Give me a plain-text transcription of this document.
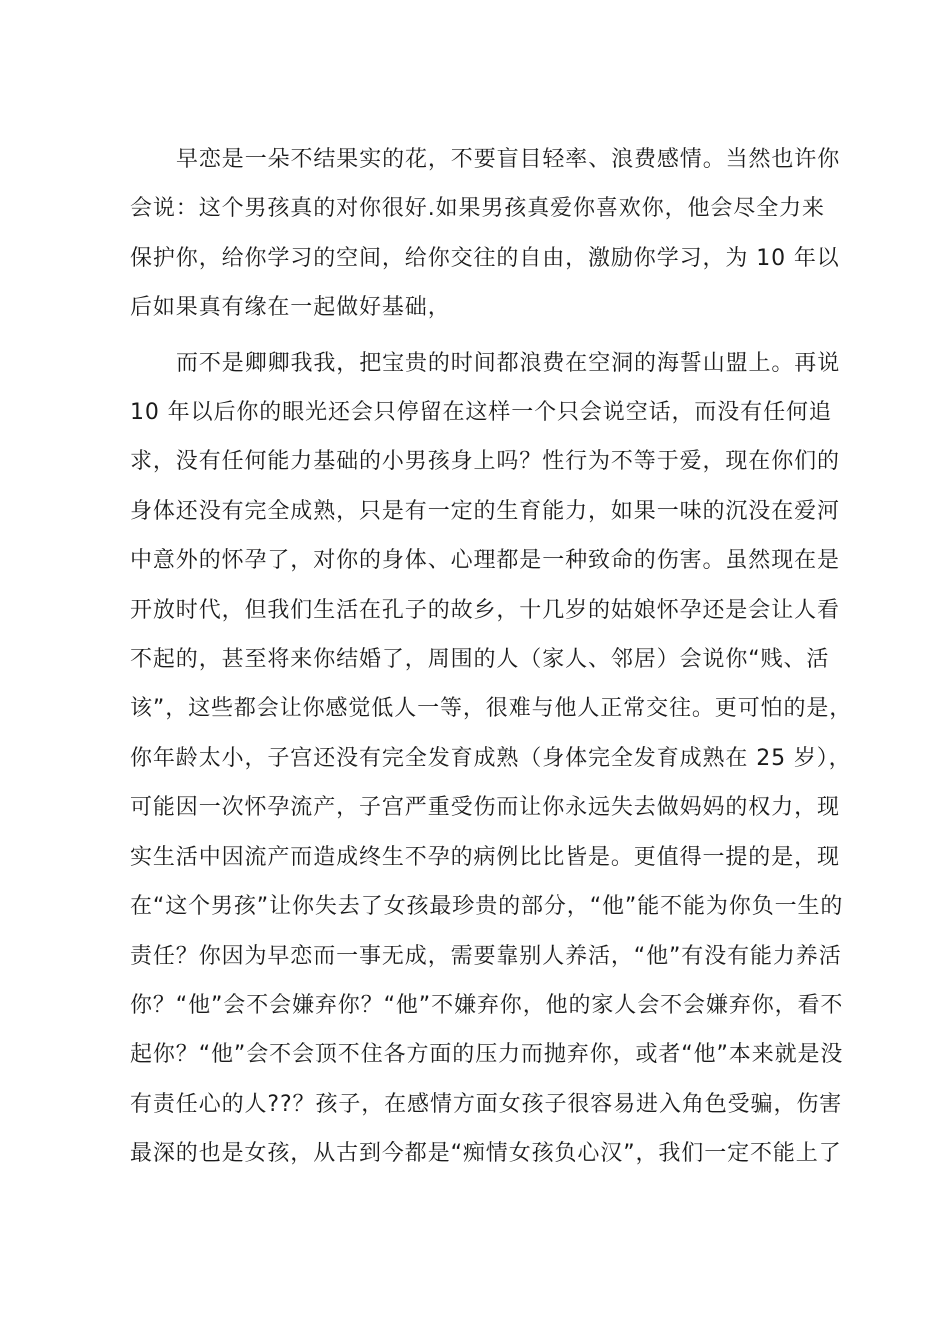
早恋是一朵不结果实的花，不要盲目轻率、浪费感情。当然也许你
会说：这个男孩真的对你很好.如果男孩真爱你喜欢你，他会尽全力来
保护你，给你学习的空间，给你交往的自由，激励你学习，为 10 年以
后如果真有缘在一起做好基础，

而不是卿卿我我，把宝贵的时间都浪费在空洞的海誓山盟上。再说
10 年以后你的眼光还会只停留在这样一个只会说空话，而没有任何追
求，没有任何能力基础的小男孩身上吗？性行为不等于爱，现在你们的
身体还没有完全成熟，只是有一定的生育能力，如果一味的沉没在爱河
中意外的怀孕了，对你的身体、心理都是一种致命的伤害。虽然现在是
开放时代，但我们生活在孔子的故乡，十几岁的姑娘怀孕还是会让人看
不起的，甚至将来你结婚了，周围的人（家人、邻居）会说你“贱、活
该”，这些都会让你感觉低人一等，很难与他人正常交往。更可怕的是，
你年龄太小，子宫还没有完全发育成熟（身体完全发育成熟在 25 岁），
可能因一次怀孕流产，子宫严重受伤而让你永远失去做妈妈的权力，现
实生活中因流产而造成终生不孕的病例比比皆是。更值得一提的是，现
在“这个男孩”让你失去了女孩最珍贵的部分，“他”能不能为你负一生的
责任？你因为早恋而一事无成，需要靠别人养活，“他”有没有能力养活
你？“他”会不会嫌弃你？“他”不嫌弃你，他的家人会不会嫌弃你，看不
起你？“他”会不会顶不住各方面的压力而抛弃你，或者“他”本来就是没
有责任心的人??？孩子，在感情方面女孩子很容易进入角色受骗，伤害
最深的也是女孩，从古到今都是“痴情女孩负心汉”，我们一定不能上了
